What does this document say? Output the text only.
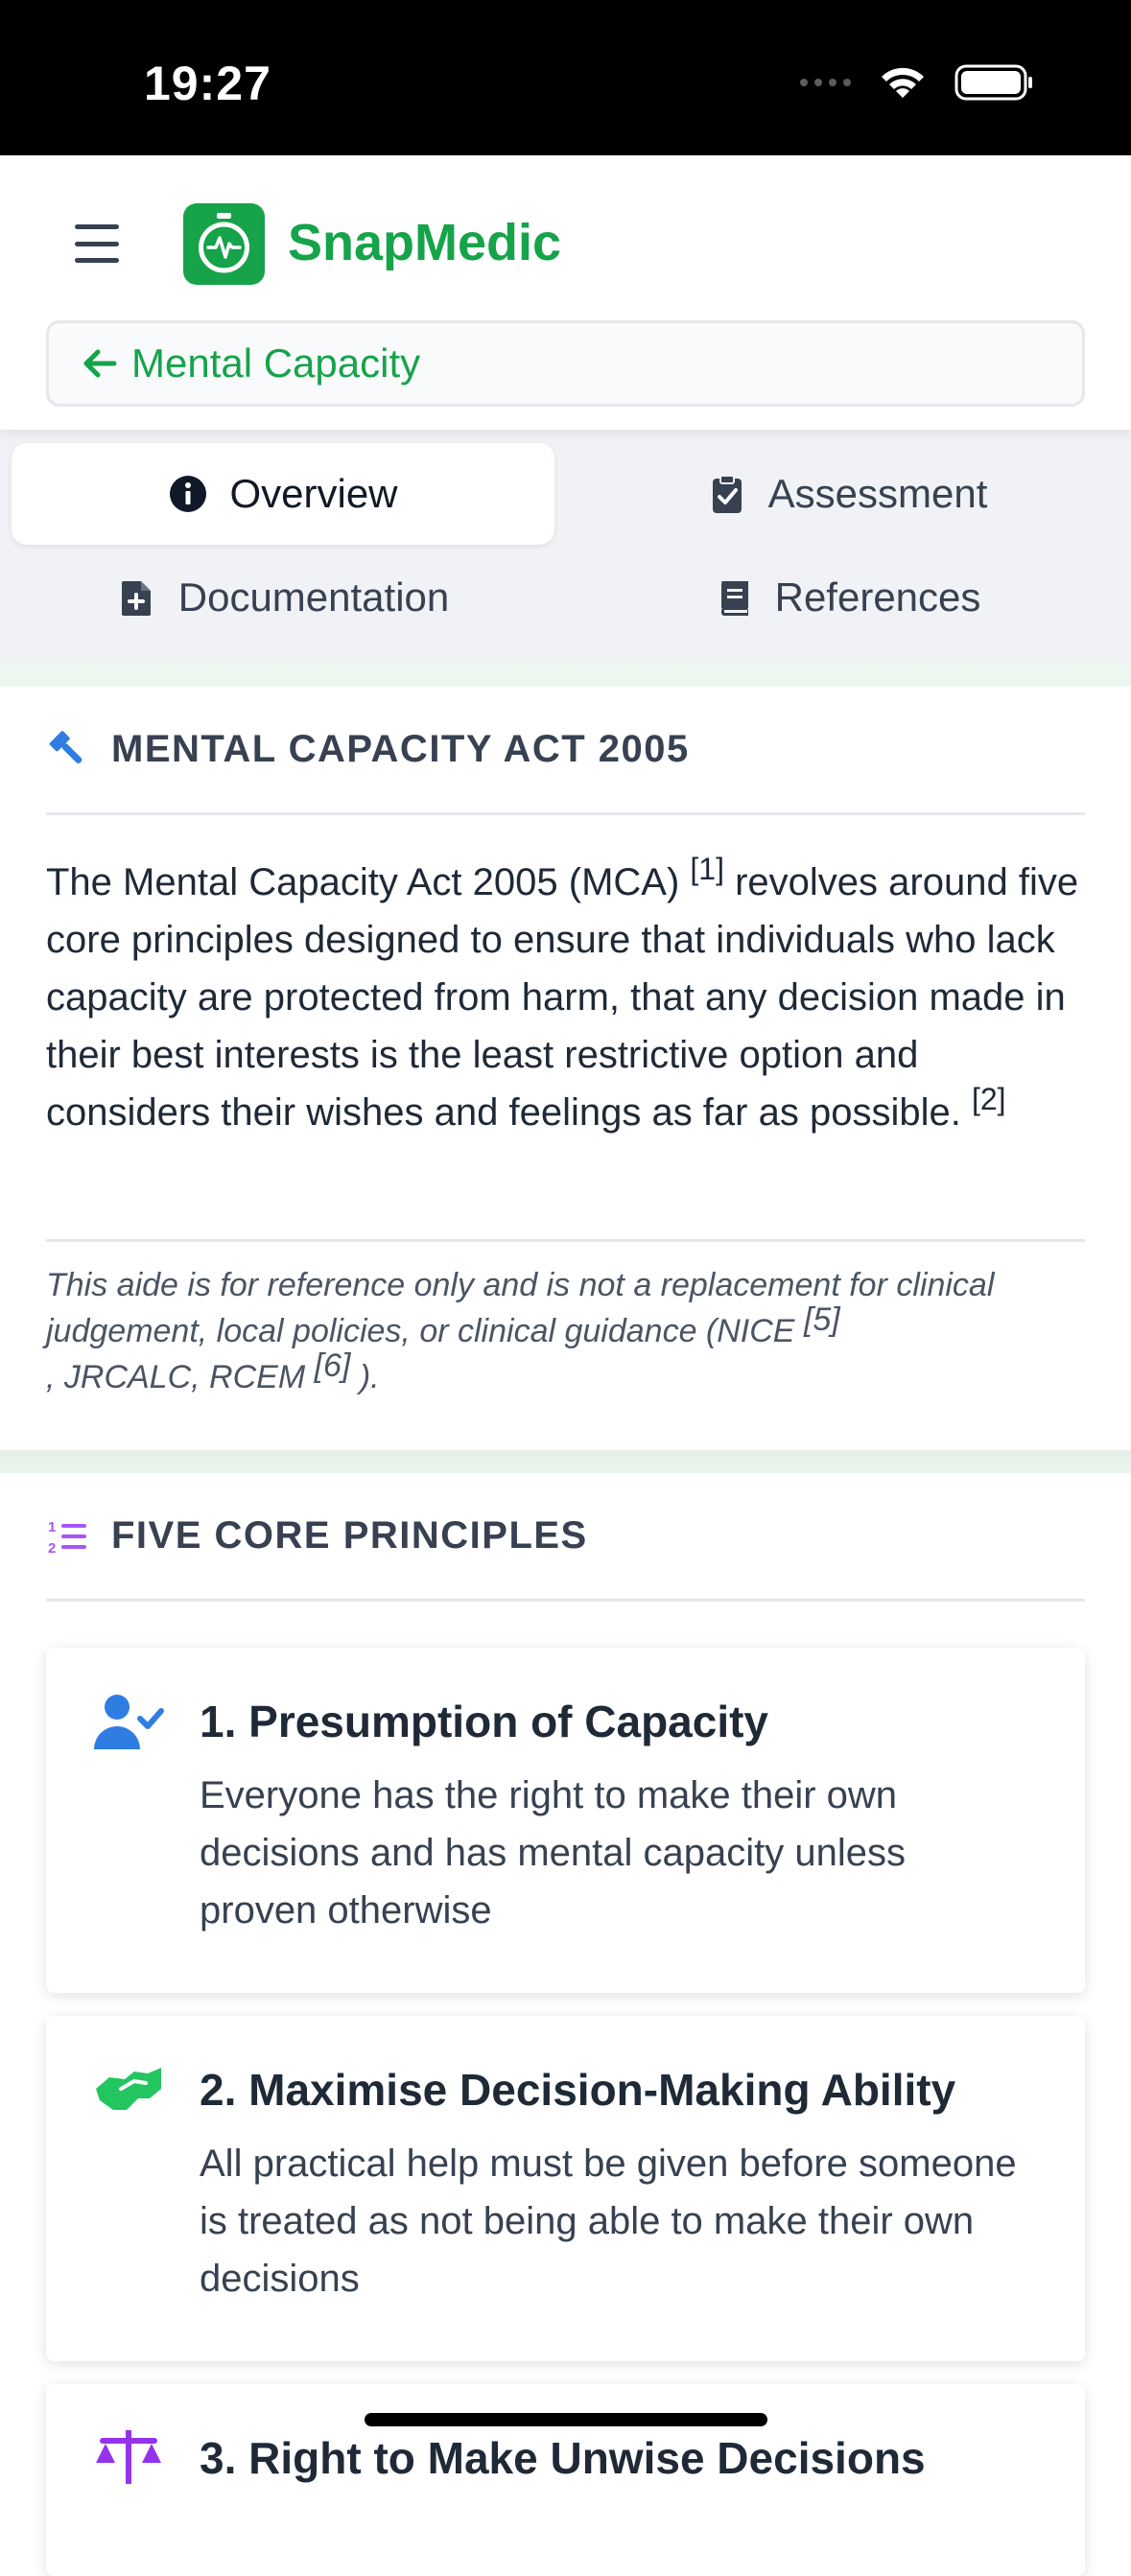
19:27
SnapMedic
Mental Capacity
Overview	Assessment
Documentation	References
MENTAL CAPACITY ACT 2005

The Mental Capacity Act 2005 (MCA) [1] revolves around five core principles designed to ensure that individuals who lack capacity are protected from harm, that any decision made in their best interests is the least restrictive option and considers their wishes and feelings as far as possible. [2]

This aide is for reference only and is not a replacement for clinical judgement, local policies, or clinical guidance (NICE [5]
, JRCALC, RCEM [6] ).

1
2 FIVE CORE PRINCIPLES
1. Presumption of Capacity
Everyone has the right to make their own decisions and has mental capacity unless proven otherwise
2. Maximise Decision-Making Ability
All practical help must be given before someone is treated as not being able to make their own decisions
3. Right to Make Unwise Decisions
